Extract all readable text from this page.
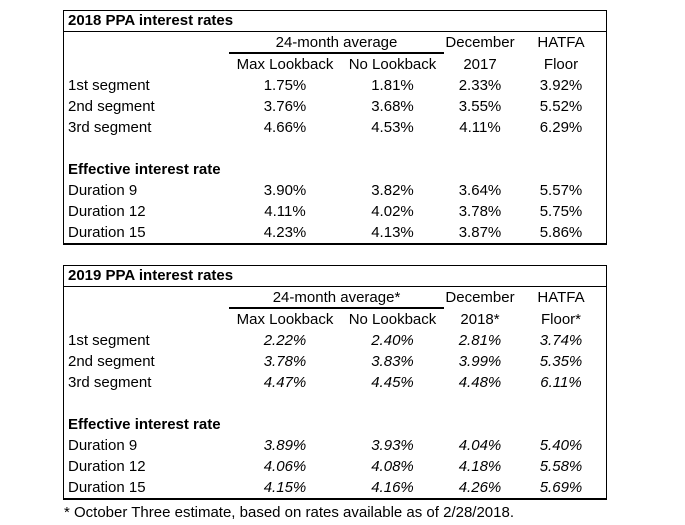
2018 PPA interest rates
24-month average	December	HATFA
Max Lookback	No Lookback	2017	Floor
1st segment	1.75%	1.81%	2.33%	3.92%
2nd segment	3.76%	3.68%	3.55%	5.52%
3rd segment	4.66%	4.53%	4.11%	6.29%
Effective interest rate
Duration 9	3.90%	3.82%	3.64%	5.57%
Duration 12	4.11%	4.02%	3.78%	5.75%
Duration 15	4.23%	4.13%	3.87%	5.86%
2019 PPA interest rates
24-month average*	December	HATFA
Max Lookback	No Lookback	2018*	Floor*
1st segment	2.22%	2.40%	2.81%	3.74%
2nd segment	3.78%	3.83%	3.99%	5.35%
3rd segment	4.47%	4.45%	4.48%	6.11%
Effective interest rate
Duration 9	3.89%	3.93%	4.04%	5.40%
Duration 12	4.06%	4.08%	4.18%	5.58%
Duration 15	4.15%	4.16%	4.26%	5.69%
* October Three estimate, based on rates available as of 2/28/2018.
